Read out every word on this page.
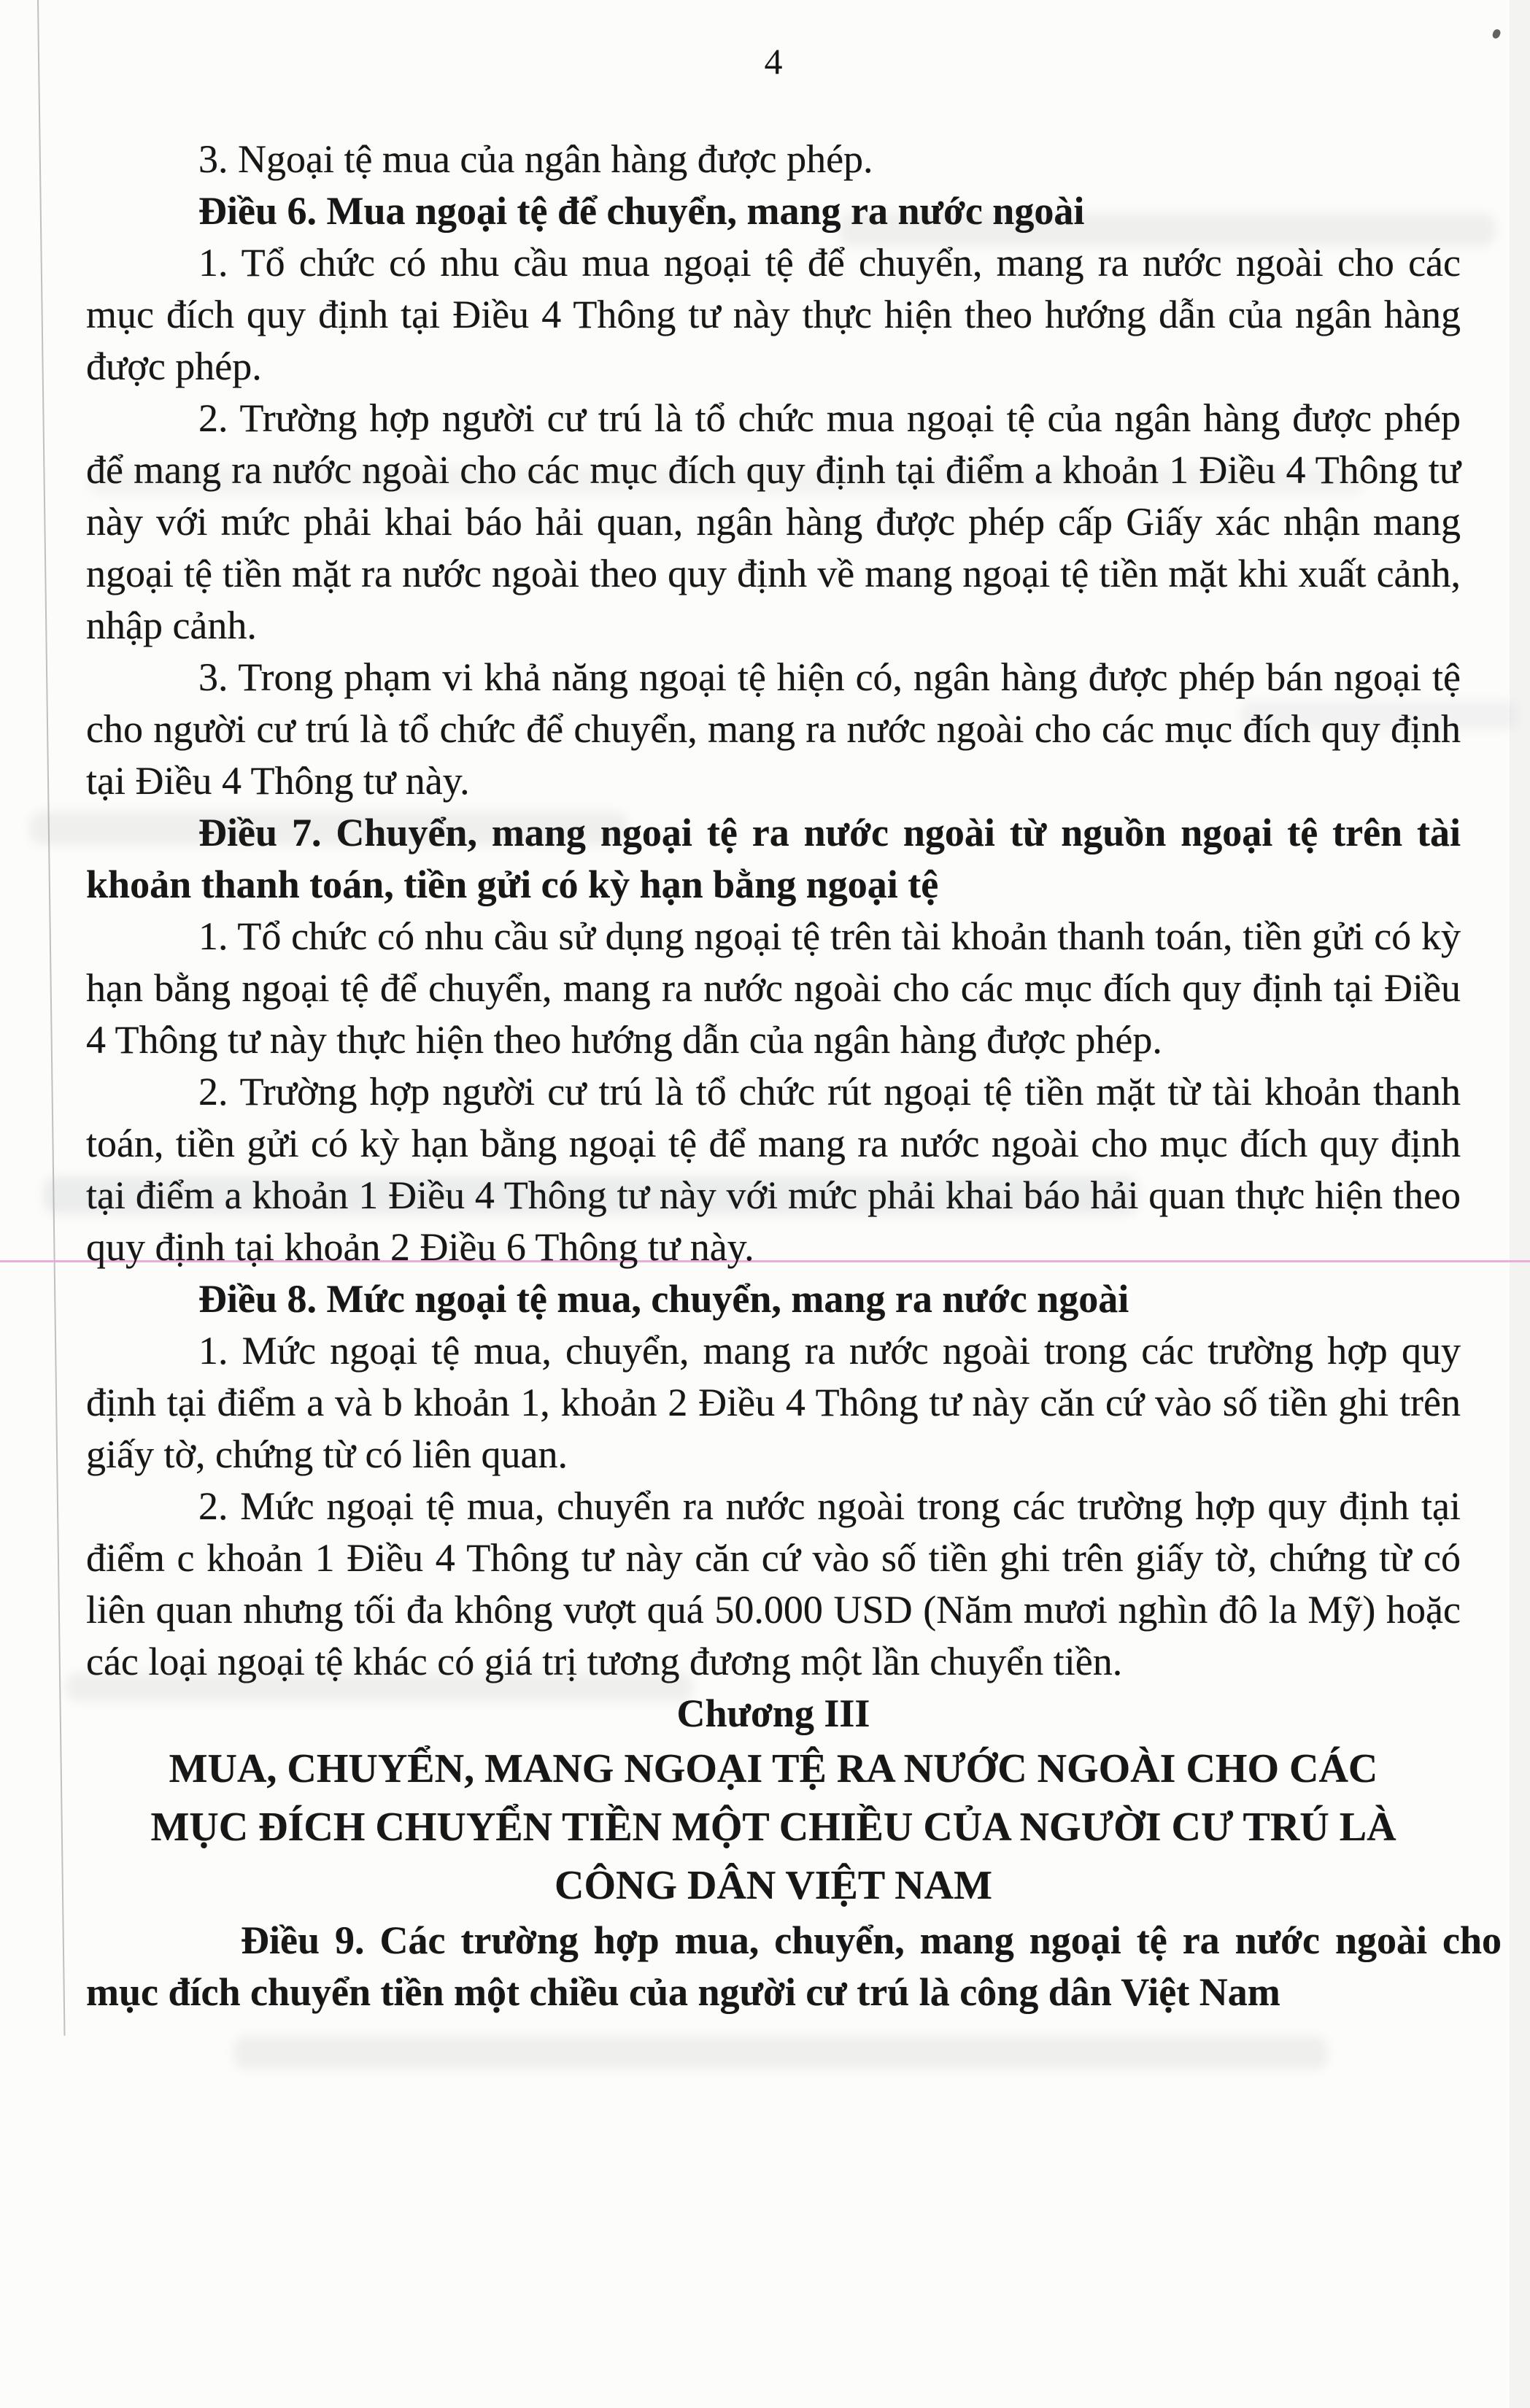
4

3. Ngoại tệ mua của ngân hàng được phép.

Điều 6. Mua ngoại tệ để chuyển, mang ra nước ngoài

1. Tổ chức có nhu cầu mua ngoại tệ để chuyển, mang ra nước ngoài cho các mục đích quy định tại Điều 4 Thông tư này thực hiện theo hướng dẫn của ngân hàng được phép.

2. Trường hợp người cư trú là tổ chức mua ngoại tệ của ngân hàng được phép để mang ra nước ngoài cho các mục đích quy định tại điểm a khoản 1 Điều 4 Thông tư này với mức phải khai báo hải quan, ngân hàng được phép cấp Giấy xác nhận mang ngoại tệ tiền mặt ra nước ngoài theo quy định về mang ngoại tệ tiền mặt khi xuất cảnh, nhập cảnh.

3. Trong phạm vi khả năng ngoại tệ hiện có, ngân hàng được phép bán ngoại tệ cho người cư trú là tổ chức để chuyển, mang ra nước ngoài cho các mục đích quy định tại Điều 4 Thông tư này.

Điều 7. Chuyển, mang ngoại tệ ra nước ngoài từ nguồn ngoại tệ trên tài khoản thanh toán, tiền gửi có kỳ hạn bằng ngoại tệ

1. Tổ chức có nhu cầu sử dụng ngoại tệ trên tài khoản thanh toán, tiền gửi có kỳ hạn bằng ngoại tệ để chuyển, mang ra nước ngoài cho các mục đích quy định tại Điều 4 Thông tư này thực hiện theo hướng dẫn của ngân hàng được phép.

2. Trường hợp người cư trú là tổ chức rút ngoại tệ tiền mặt từ tài khoản thanh toán, tiền gửi có kỳ hạn bằng ngoại tệ để mang ra nước ngoài cho mục đích quy định tại điểm a khoản 1 Điều 4 Thông tư này với mức phải khai báo hải quan thực hiện theo quy định tại khoản 2 Điều 6 Thông tư này.

Điều 8. Mức ngoại tệ mua, chuyển, mang ra nước ngoài

1. Mức ngoại tệ mua, chuyển, mang ra nước ngoài trong các trường hợp quy định tại điểm a và b khoản 1, khoản 2 Điều 4 Thông tư này căn cứ vào số tiền ghi trên giấy tờ, chứng từ có liên quan.

2. Mức ngoại tệ mua, chuyển ra nước ngoài trong các trường hợp quy định tại điểm c khoản 1 Điều 4 Thông tư này căn cứ vào số tiền ghi trên giấy tờ, chứng từ có liên quan nhưng tối đa không vượt quá 50.000 USD (Năm mươi nghìn đô la Mỹ) hoặc các loại ngoại tệ khác có giá trị tương đương một lần chuyển tiền.

Chương III

MUA, CHUYỂN, MANG NGOẠI TỆ RA NƯỚC NGOÀI CHO CÁC MỤC ĐÍCH CHUYỂN TIỀN MỘT CHIỀU CỦA NGƯỜI CƯ TRÚ LÀ CÔNG DÂN VIỆT NAM

Điều 9. Các trường hợp mua, chuyển, mang ngoại tệ ra nước ngoài cho mục đích chuyển tiền một chiều của người cư trú là công dân Việt Nam
